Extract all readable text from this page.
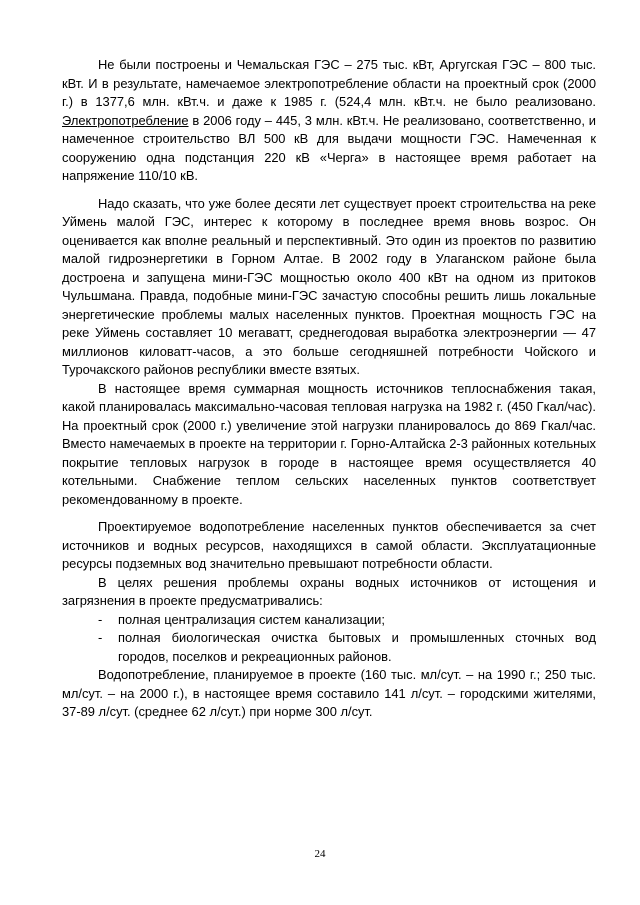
Не были построены и Чемальская ГЭС – 275 тыс. кВт, Аргугская ГЭС – 800 тыс. кВт. И в результате, намечаемое электропотребление области на проектный срок (2000 г.) в 1377,6 млн. кВт.ч. и даже к 1985 г. (524,4 млн. кВт.ч. не было реализовано. Электропотребление в 2006 году – 445, 3 млн. кВт.ч. Не реализовано, соответственно, и намеченное строительство ВЛ 500 кВ для выдачи мощности ГЭС. Намеченная к сооружению одна подстанция 220 кВ «Черга» в настоящее время работает на напряжение 110/10 кВ.

Надо сказать, что уже более десяти лет существует проект строительства на реке Уймень малой ГЭС, интерес к которому в последнее время вновь возрос. Он оценивается как вполне реальный и перспективный. Это один из проектов по развитию малой гидроэнергетики в Горном Алтае. В 2002 году в Улаганском районе была достроена и запущена мини-ГЭС мощностью около 400 кВт на одном из притоков Чульшмана. Правда, подобные мини-ГЭС зачастую способны решить лишь локальные энергетические проблемы малых населенных пунктов. Проектная мощность ГЭС на реке Уймень составляет 10 мегаватт, среднегодовая выработка электроэнергии — 47 миллионов киловатт-часов, а это больше сегодняшней потребности Чойского и Турочакского районов республики вместе взятых.

В настоящее время суммарная мощность источников теплоснабжения такая, какой планировалась максимально-часовая тепловая нагрузка на 1982 г. (450 Гкал/час). На проектный срок (2000 г.) увеличение этой нагрузки планировалось до 869 Гкал/час. Вместо намечаемых в проекте на территории г. Горно-Алтайска 2-3 районных котельных покрытие тепловых нагрузок в городе в настоящее время осуществляется 40 котельными. Снабжение теплом сельских населенных пунктов соответствует рекомендованному в проекте.

Проектируемое водопотребление населенных пунктов обеспечивается за счет источников и водных ресурсов, находящихся в самой области. Эксплуатационные ресурсы подземных вод значительно превышают потребности области.

В целях решения проблемы охраны водных источников от истощения и загрязнения в проекте предусматривались:

- полная централизация систем канализации;
- полная биологическая очистка бытовых и промышленных сточных вод городов, поселков и рекреационных районов.

Водопотребление, планируемое в проекте (160 тыс. мл/сут. – на 1990 г.; 250 тыс. мл/сут. – на 2000 г.), в настоящее время составило 141 л/сут. – городскими жителями, 37-89 л/сут. (среднее 62 л/сут.) при норме 300 л/сут.

24
